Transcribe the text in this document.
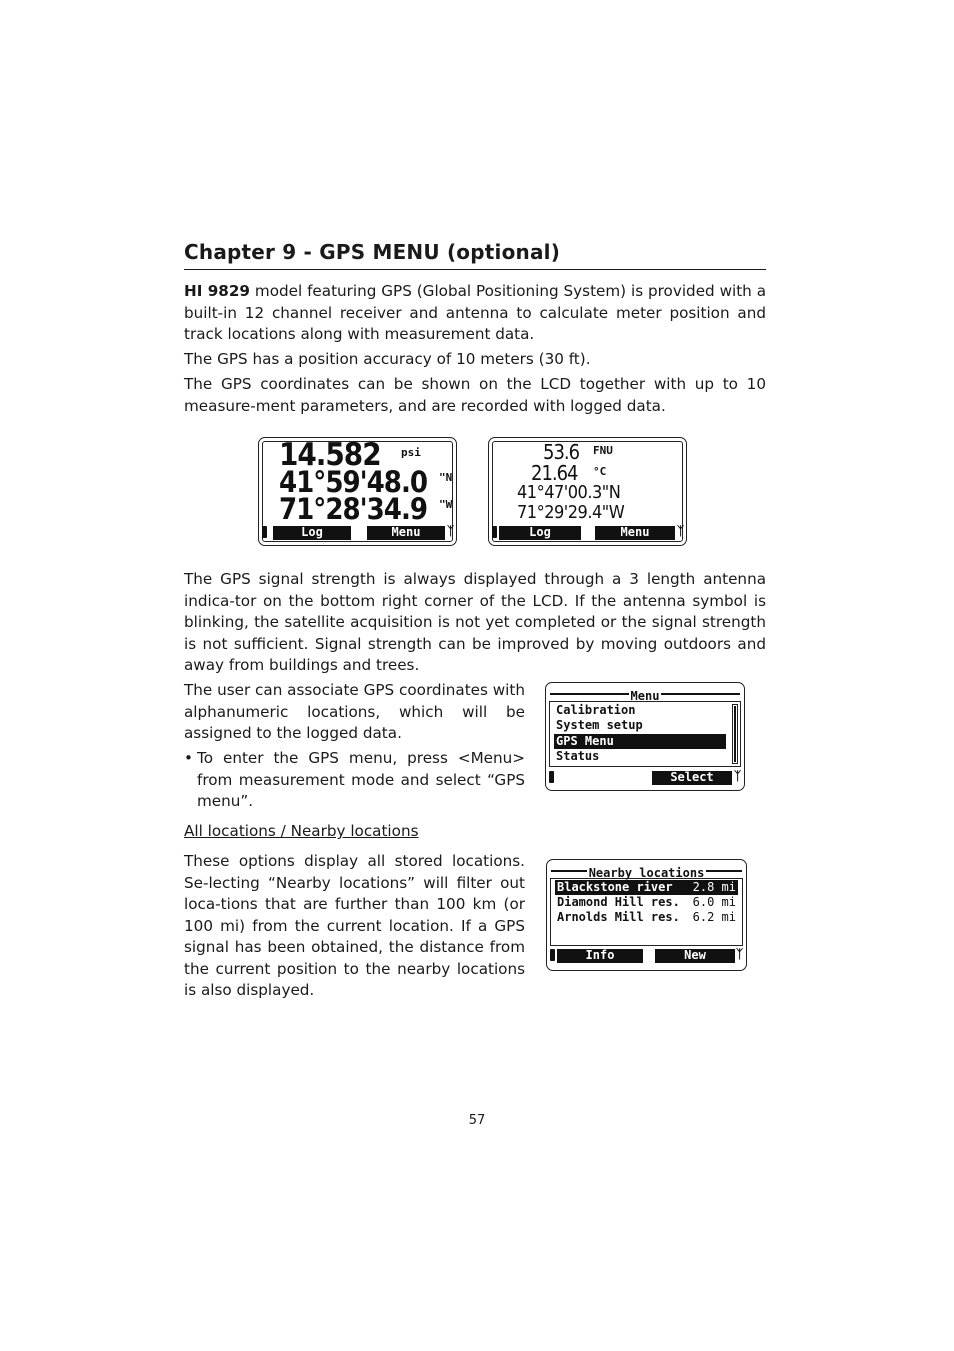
Chapter 9 - GPS MENU (optional)

HI 9829 model featuring GPS (Global Positioning System) is provided with a built-in 12 channel receiver and antenna to calculate meter position and track locations along with measurement data.

The GPS has a position accuracy of 10 meters (30 ft).

The GPS coordinates can be shown on the LCD together with up to 10 measure-ment parameters, and are recorded with logged data.

14.582 psi
41°59'48.0 "N
71°28'34.9 "W
Log	Menu	ᛉ
53.6 FNU
21.64 °C
41°47'00.3"N
71°29'29.4"W
Log	Menu	ᛉ

The GPS signal strength is always displayed through a 3 length antenna indica-tor on the bottom right corner of the LCD. If the antenna symbol is blinking, the satellite acquisition is not yet completed or the signal strength is not sufficient. Signal strength can be improved by moving outdoors and away from buildings and trees.

The user can associate GPS coordinates with alphanumeric locations, which will be assigned to the logged data.

• To enter the GPS menu, press <Menu> from measurement mode and select “GPS menu”.

All locations / Nearby locations

These options display all stored locations. Se-lecting “Nearby locations” will filter out loca-tions that are further than 100 km (or 100 mi) from the current location. If a GPS signal has been obtained, the distance from the current position to the nearby locations is also displayed.

Menu
Calibration
System setup
GPS Menu
Status
Select	ᛉ
Nearby locations
Blackstone river 2.8 mi
Diamond Hill res. 6.0 mi
Arnolds Mill res. 6.2 mi
Info	New	ᛉ
57
